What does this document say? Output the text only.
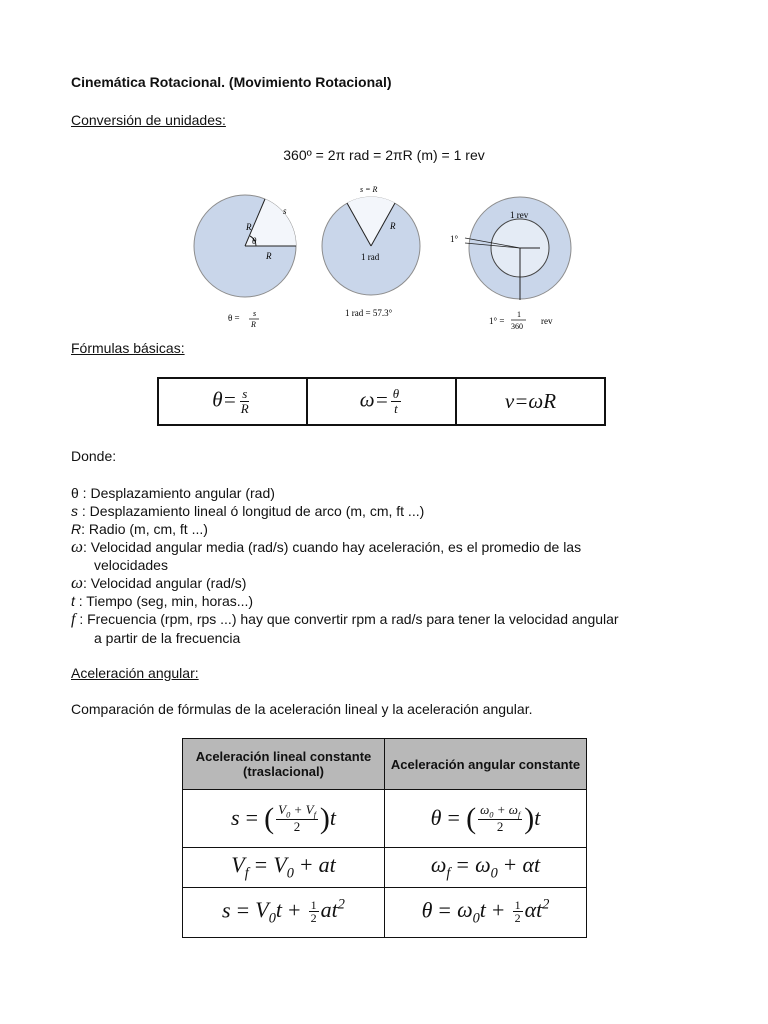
Cinemática Rotacional. (Movimiento Rotacional)
Conversión de unidades:
360º = 2π rad = 2πR (m) = 1 rev
s
R
R
θ
θ = s
R
s = R
R
1 rad
1 rad = 57.3°
1 rev
1°
1° =
1
360
rev
Fórmulas básicas:
$\theta= \frac{s}{R}$	$\omega= \frac{\theta}{t}$	v=ωR
Donde:
θ : Desplazamiento angular (rad)
s : Desplazamiento lineal ó longitud de arco (m, cm, ft ...)
R: Radio (m, cm, ft ...)
ω: Velocidad angular media (rad/s) cuando hay aceleración, es el promedio de las
velocidades
ω: Velocidad angular (rad/s)
t : Tiempo (seg, min, horas...)
f : Frecuencia (rpm, rps ...) hay que convertir rpm a rad/s para tener la velocidad angular
a partir de la frecuencia
Aceleración angular:
Comparación de fórmulas de la aceleración lineal y la aceleración angular.
Aceleración lineal constante (traslacional)	Aceleración angular constante
s = ( $\frac{V_0 + V_f}{2} )t$	θ = ( $\frac{\omega_0 + \omega_f}{2} )t$
$V_f = V_0$ + at	$\omega_f = \omega_0 + \alpha t$
$s = V_0t + \frac{1}{2} at^2$	$\theta = \omega_0t + \frac{1}{2} \alpha t^2$
